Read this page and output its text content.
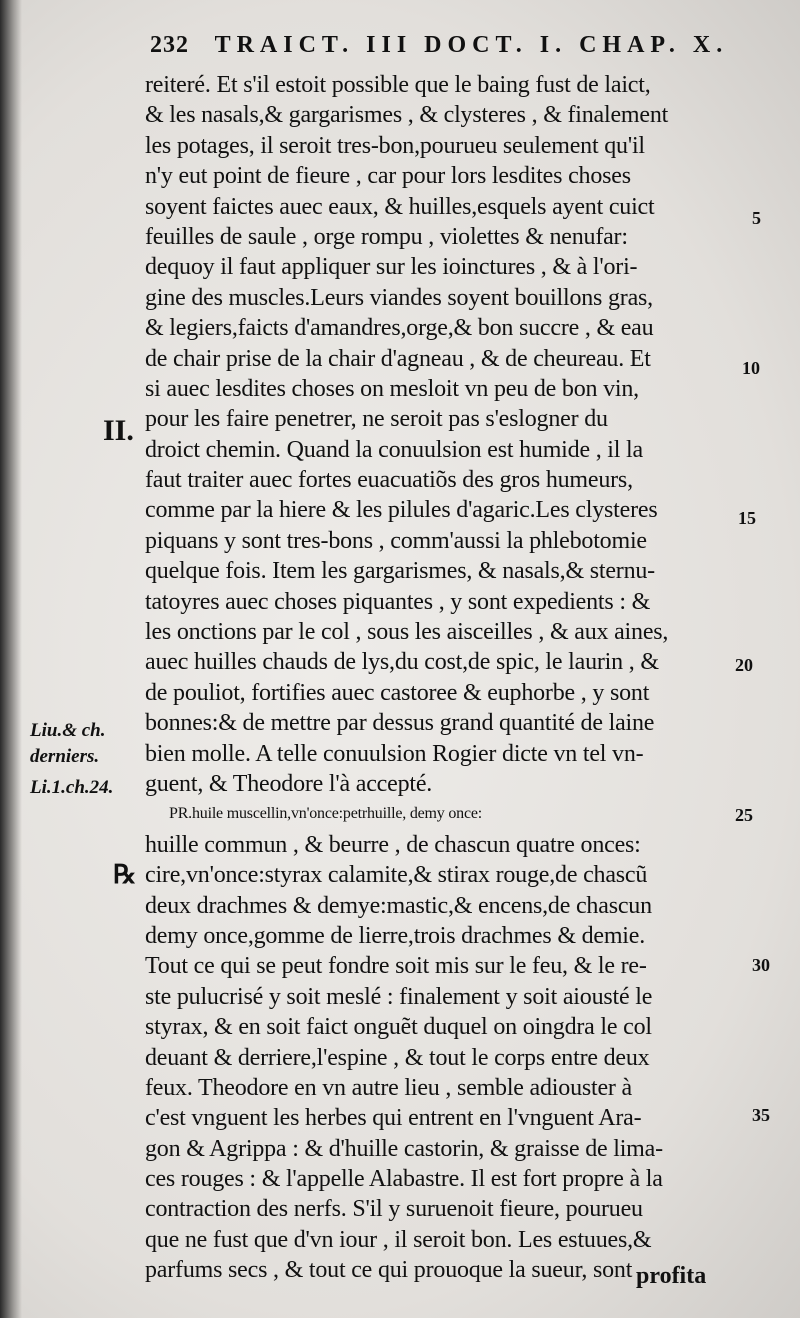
232 TRAICT. III DOCT. I. CHAP. X.
reiteré. Et s'il estoit possible que le baing fust de laict,
& les nasals,& gargarismes , & clysteres , & finalement
les potages, il seroit tres-bon,pourueu seulement qu'il
n'y eut point de fieure , car pour lors lesdites choses
soyent faictes auec eaux, & huilles,esquels ayent cuict
feuilles de saule , orge rompu , violettes & nenufar:
dequoy il faut appliquer sur les ioinctures , & à l'ori-
gine des muscles.Leurs viandes soyent bouillons gras,
& legiers,faicts d'amandres,orge,& bon succre , & eau
de chair prise de la chair d'agneau , & de cheureau. Et
si auec lesdites choses on mesloit vn peu de bon vin,
pour les faire penetrer, ne seroit pas s'eslogner du
droict chemin. Quand la conuulsion est humide , il la
faut traiter auec fortes euacuatiõs des gros humeurs,
comme par la hiere & les pilules d'agaric.Les clysteres
piquans y sont tres-bons , comm'aussi la phlebotomie
quelque fois. Item les gargarismes, & nasals,& sternu-
tatoyres auec choses piquantes , y sont expedients : &
les onctions par le col , sous les aisceilles , & aux aines,
auec huilles chauds de lys,du cost,de spic, le laurin , &
de pouliot, fortifies auec castoree & euphorbe , y sont
bonnes:& de mettre par dessus grand quantité de laine
bien molle. A telle conuulsion Rogier dicte vn tel vn-
guent, & Theodore l'à accepté.
PR.huile muscellin,vn'once:petrhuille, demy once:
huille commun , & beurre , de chascun quatre onces:
cire,vn'once:styrax calamite,& stirax rouge,de chascũ
deux drachmes & demye:mastic,& encens,de chascun
demy once,gomme de lierre,trois drachmes & demie.
Tout ce qui se peut fondre soit mis sur le feu, & le re-
ste pulucrisé y soit meslé : finalement y soit aiousté le
styrax, & en soit faict onguẽt duquel on oingdra le col
deuant & derriere,l'espine , & tout le corps entre deux
feux. Theodore en vn autre lieu , semble adiouster à
c'est vnguent les herbes qui entrent en l'vnguent Ara-
gon & Agrippa : & d'huille castorin, & graisse de lima-
ces rouges : & l'appelle Alabastre. Il est fort propre à la
contraction des nerfs. S'il y suruenoit fieure, pourueu
que ne fust que d'vn iour , il seroit bon. Les estuues,&
parfums secs , & tout ce qui prouoque la sueur, sont
II.
℞
5
10
15
20
25
30
35
Liu.& ch.
derniers.
Li.1.ch.24.
profita
